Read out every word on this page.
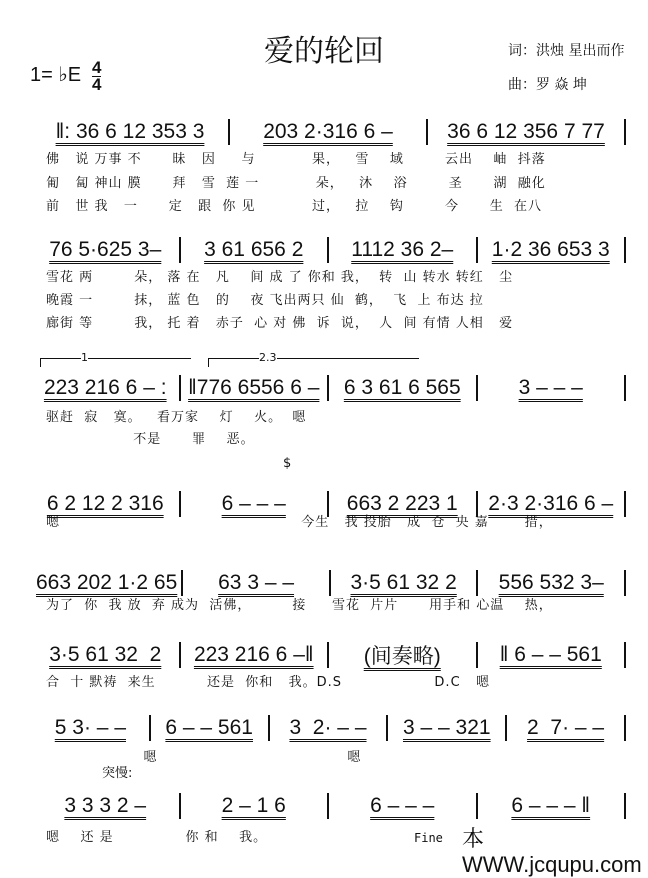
爱的轮回	词：洪烛 星出而作
曲：罗 焱 坤
1= ♭E 4
4
‖: 36 6 12 353 3	203 2·316 6 –	36 6 12 356 7 77
佛   说 万事 不      昧   因     与           果，   雪    域        云出    岫  抖落
匍   匐 神山 膜      拜   雪  莲 一           朵，   沐    浴        圣      湖  融化
前   世 我   一      定   跟  你 见           过，   拉    钩        今      生  在八
76 5·625 3–	3 61 656 2	1112 36 2–	1·2 36 653 3
雪花 两        朵， 落 在   凡    间 成 了 你和 我，  转  山 转水 转红   尘
晚霞 一        抹， 蓝 色   的    夜 飞出两只 仙  鹤，  飞  上 布达 拉
廊街 等        我， 托 着   赤子  心 对 佛  诉  说，  人  间 有情 人相   爱
223 216 6 – :	‖776 6556 6 –	6 3 61 6 565	3 – – –
驱赶  寂   寞。   看万家    灯    火。  嗯
不是      罪    恶。
6 2 12 2 316	6 – – –	663 2 223 1	2·3 2·316 6 –
嗯                                               今生   我 投胎   成  仓  央 嘉       措，
663 202 1·2 65	63 3 – –	3·5 61 32 2	556 532 3–
为了  你  我 放  弃 成为  活佛，        接     雪花  片片      用手和 心温    热，
3·5 61 32  2	223 216 6 –‖	(间奏略)	‖ 6 – – 561
合  十 默祷  来生          还是  你和   我。D.S                  D.C   嗯
5 3· – –	6 – – 561	3  2· – –	3 – – 321	2  7· – –
嗯                                     嗯
3 3 3 2 –	2 – 1 6	6 – – –	6 – – – ‖
嗯    还 是              你 和    我。
1	2.3
$
突慢:
Fine 本WWW.jcqupu.com
